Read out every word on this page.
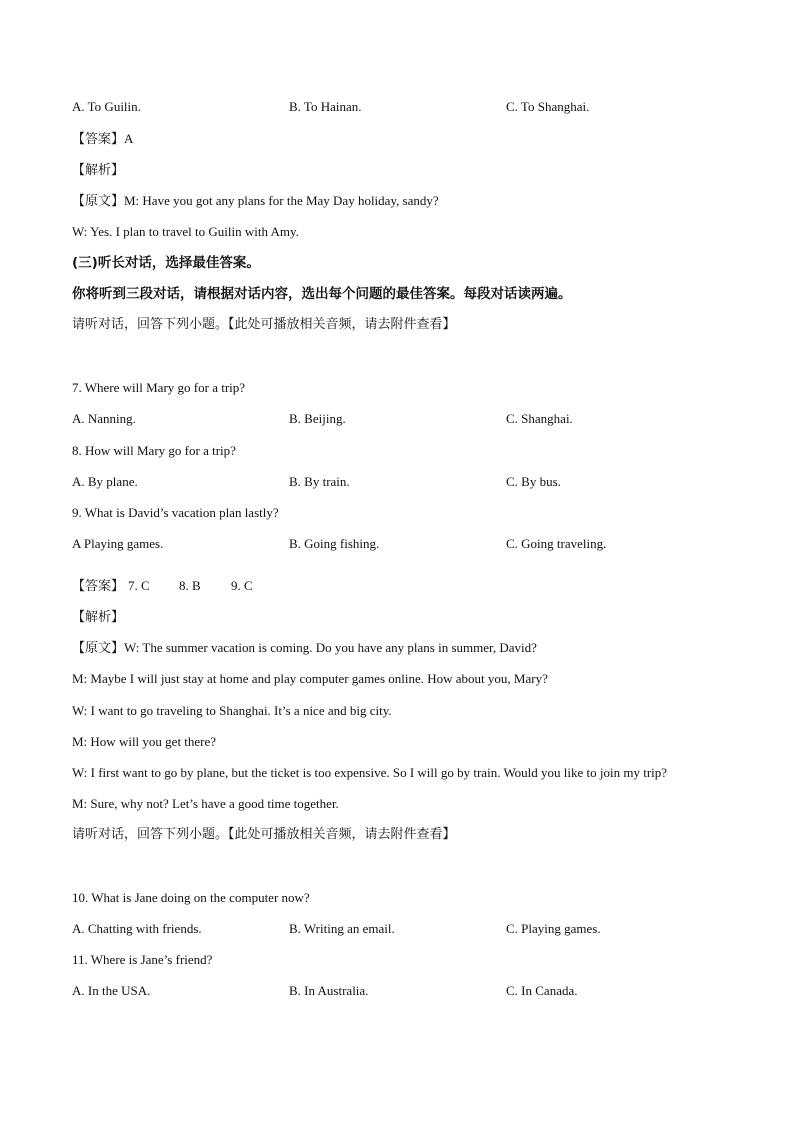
A. To Guilin.	B. To Hainan.	C. To Shanghai.
【答案】A
【解析】
【原文】M: Have you got any plans for the May Day holiday, sandy?
W: Yes. I plan to travel to Guilin with Amy.
(三)听长对话，选择最佳答案。
你将听到三段对话，请根据对话内容，选出每个问题的最佳答案。每段对话读两遍。
请听对话，回答下列小题。【此处可播放相关音频，请去附件查看】
7. Where will Mary go for a trip?
A. Nanning.	B. Beijing.	C. Shanghai.
8. How will Mary go for a trip?
A. By plane.	B. By train.	C. By bus.
9. What is David’s vacation plan lastly?
A Playing games.	B. Going fishing.	C. Going traveling.
【答案】 7. C 8. B 9. C
【解析】
【原文】W: The summer vacation is coming. Do you have any plans in summer, David?
M: Maybe I will just stay at home and play computer games online. How about you, Mary?
W: I want to go traveling to Shanghai. It’s a nice and big city.
M: How will you get there?
W: I first want to go by plane, but the ticket is too expensive. So I will go by train. Would you like to join my trip?
M: Sure, why not? Let’s have a good time together.
请听对话，回答下列小题。【此处可播放相关音频，请去附件查看】
10. What is Jane doing on the computer now?
A. Chatting with friends.	B. Writing an email.	C. Playing games.
11. Where is Jane’s friend?
A. In the USA.	B. In Australia.	C. In Canada.
